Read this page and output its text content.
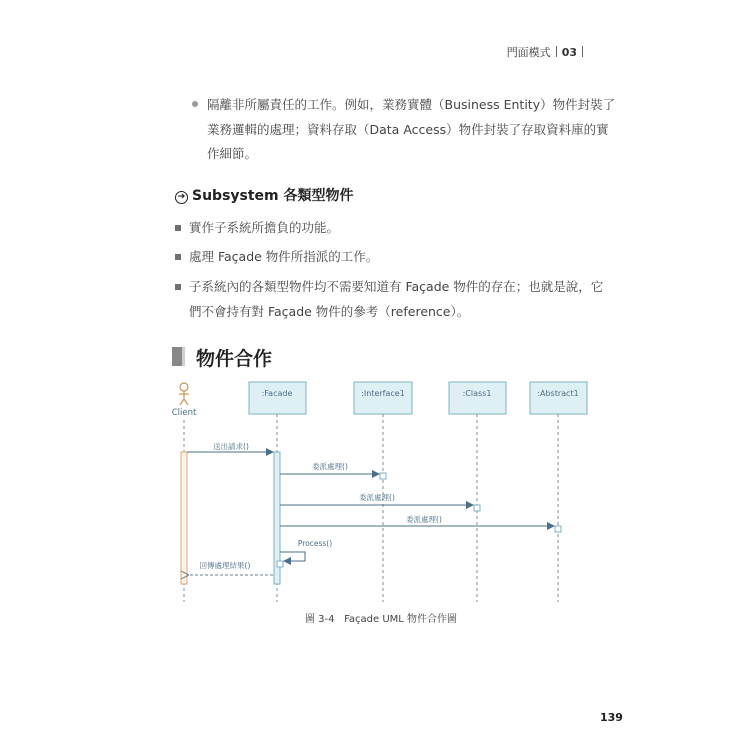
門面模式 03
隔離非所屬責任的工作。例如，業務實體（Business Entity）物件封裝了
業務邏輯的處理；資料存取（Data Access）物件封裝了存取資料庫的實
作細節。
➔ Subsystem 各類型物件
實作子系統所擔負的功能。
處理 Façade 物件所指派的工作。
子系統內的各類型物件均不需要知道有 Façade 物件的存在；也就是說，它
們不會持有對 Façade 物件的參考（reference）。
物件合作
Client
:Facade	:Interface1	:Class1	:Abstract1
送出請求()
委派處理()
委派處理()
委派處理()
Process()
回傳處理結果()
圖 3-4 Façade UML 物件合作圖
139
